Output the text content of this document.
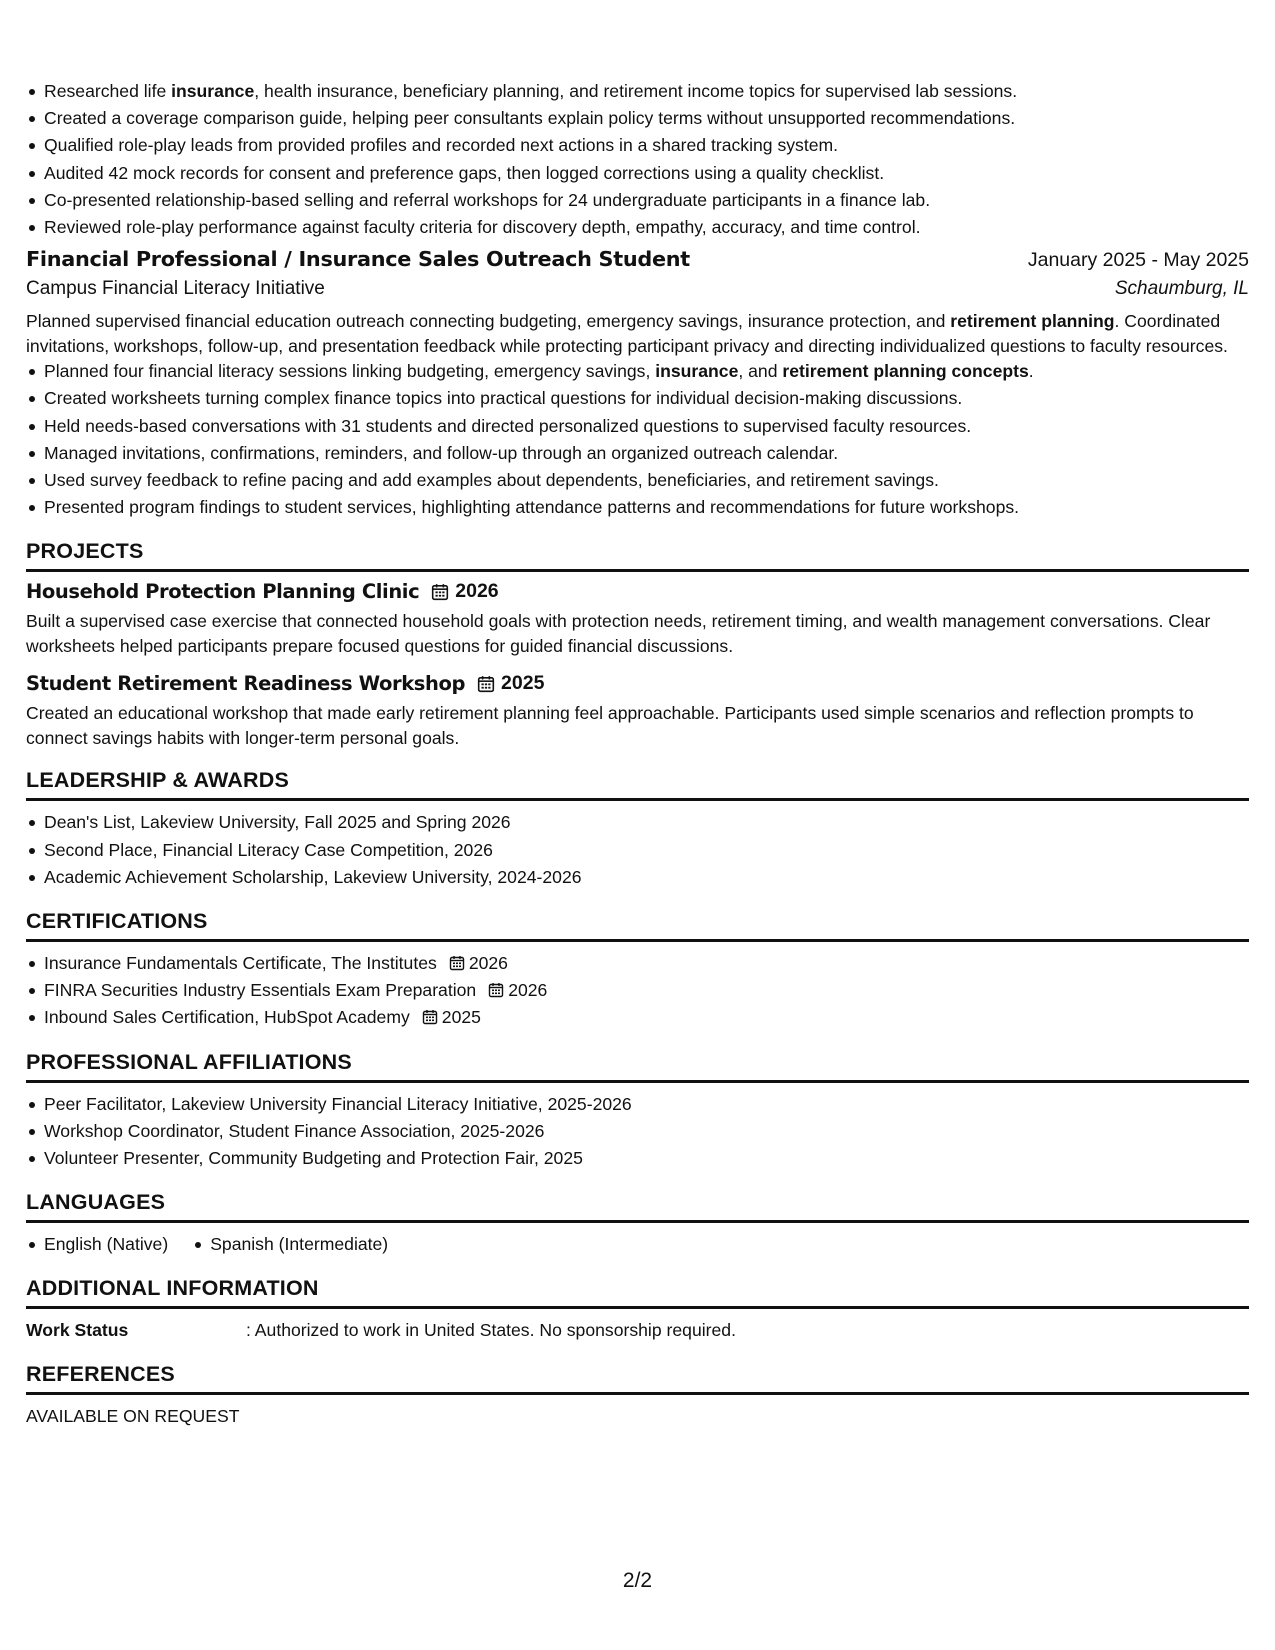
Researched life insurance, health insurance, beneficiary planning, and retirement income topics for supervised lab sessions.
Created a coverage comparison guide, helping peer consultants explain policy terms without unsupported recommendations.
Qualified role-play leads from provided profiles and recorded next actions in a shared tracking system.
Audited 42 mock records for consent and preference gaps, then logged corrections using a quality checklist.
Co-presented relationship-based selling and referral workshops for 24 undergraduate participants in a finance lab.
Reviewed role-play performance against faculty criteria for discovery depth, empathy, accuracy, and time control.
Financial Professional / Insurance Sales Outreach Student	January 2025 - May 2025
Campus Financial Literacy Initiative	Schaumburg, IL
Planned supervised financial education outreach connecting budgeting, emergency savings, insurance protection, and retirement planning. Coordinated invitations, workshops, follow-up, and presentation feedback while protecting participant privacy and directing individualized questions to faculty resources.
Planned four financial literacy sessions linking budgeting, emergency savings, insurance, and retirement planning concepts.
Created worksheets turning complex finance topics into practical questions for individual decision-making discussions.
Held needs-based conversations with 31 students and directed personalized questions to supervised faculty resources.
Managed invitations, confirmations, reminders, and follow-up through an organized outreach calendar.
Used survey feedback to refine pacing and add examples about dependents, beneficiaries, and retirement savings.
Presented program findings to student services, highlighting attendance patterns and recommendations for future workshops.
PROJECTS
Household Protection Planning Clinic 2026
Built a supervised case exercise that connected household goals with protection needs, retirement timing, and wealth management conversations. Clear worksheets helped participants prepare focused questions for guided financial discussions.
Student Retirement Readiness Workshop 2025
Created an educational workshop that made early retirement planning feel approachable. Participants used simple scenarios and reflection prompts to connect savings habits with longer-term personal goals.
LEADERSHIP & AWARDS
Dean's List, Lakeview University, Fall 2025 and Spring 2026
Second Place, Financial Literacy Case Competition, 2026
Academic Achievement Scholarship, Lakeview University, 2024-2026
CERTIFICATIONS
Insurance Fundamentals Certificate, The Institutes 2026
FINRA Securities Industry Essentials Exam Preparation 2026
Inbound Sales Certification, HubSpot Academy 2025
PROFESSIONAL AFFILIATIONS
Peer Facilitator, Lakeview University Financial Literacy Initiative, 2025-2026
Workshop Coordinator, Student Finance Association, 2025-2026
Volunteer Presenter, Community Budgeting and Protection Fair, 2025
LANGUAGES
English (Native)	Spanish (Intermediate)
ADDITIONAL INFORMATION
Work Status	: Authorized to work in United States. No sponsorship required.
REFERENCES
AVAILABLE ON REQUEST
2/2
